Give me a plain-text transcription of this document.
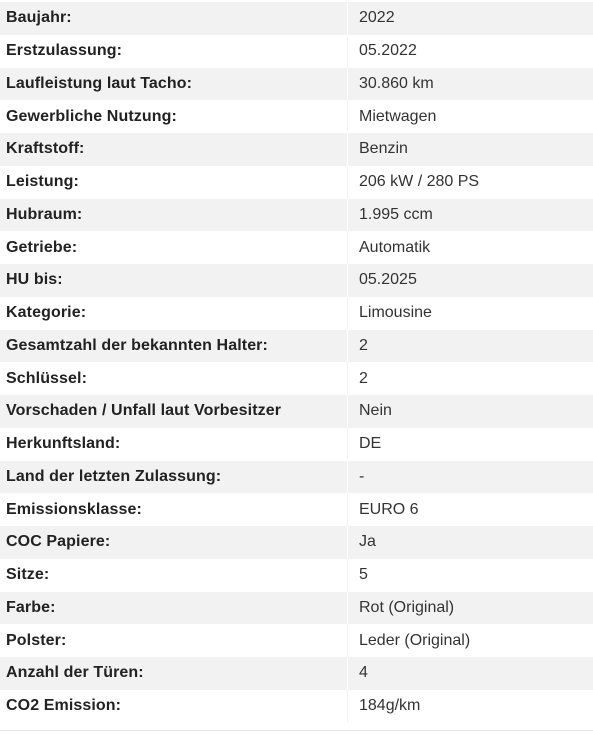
Baujahr:	2022
Erstzulassung:	05.2022
Laufleistung laut Tacho:	30.860 km
Gewerbliche Nutzung:	Mietwagen
Kraftstoff:	Benzin
Leistung:	206 kW / 280 PS
Hubraum:	1.995 ccm
Getriebe:	Automatik
HU bis:	05.2025
Kategorie:	Limousine
Gesamtzahl der bekannten Halter:	2
Schlüssel:	2
Vorschaden / Unfall laut Vorbesitzer	Nein
Herkunftsland:	DE
Land der letzten Zulassung:	-
Emissionsklasse:	EURO 6
COC Papiere:	Ja
Sitze:	5
Farbe:	Rot (Original)
Polster:	Leder (Original)
Anzahl der Türen:	4
CO2 Emission:	184g/km
